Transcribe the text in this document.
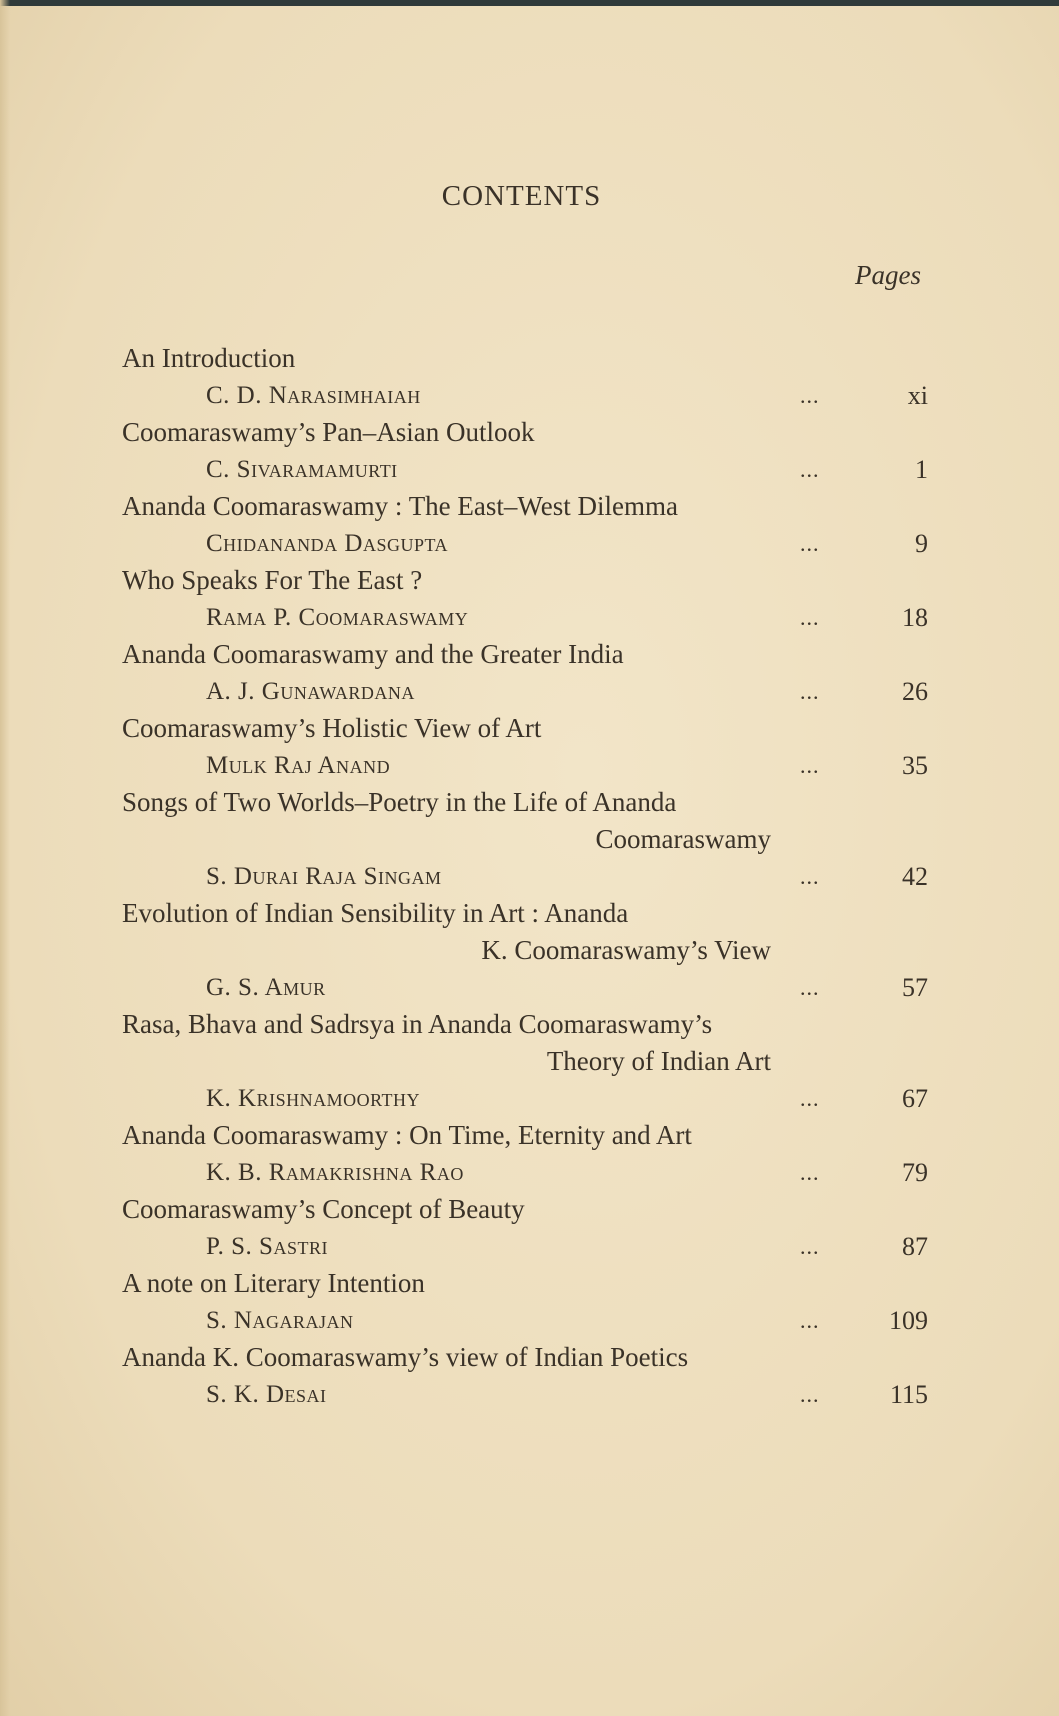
CONTENTS
Pages
An Introduction
C. D. Narasimhaiah	...	xi
Coomaraswamy’s Pan–Asian Outlook
C. Sivaramamurti	...	1
Ananda Coomaraswamy : The East–West Dilemma
Chidananda Dasgupta	...	9
Who Speaks For The East ?
Rama P. Coomaraswamy	...	18
Ananda Coomaraswamy and the Greater India
A. J. Gunawardana	...	26
Coomaraswamy’s Holistic View of Art
Mulk Raj Anand	...	35
Songs of Two Worlds–Poetry in the Life of Ananda
Coomaraswamy
S. Durai Raja Singam	...	42
Evolution of Indian Sensibility in Art : Ananda
K. Coomaraswamy’s View
G. S. Amur	...	57
Rasa, Bhava and Sadrsya in Ananda Coomaraswamy’s
Theory of Indian Art
K. Krishnamoorthy	...	67
Ananda Coomaraswamy : On Time, Eternity and Art
K. B. Ramakrishna Rao	...	79
Coomaraswamy’s Concept of Beauty
P. S. Sastri	...	87
A note on Literary Intention
S. Nagarajan	...	109
Ananda K. Coomaraswamy’s view of Indian Poetics
S. K. Desai	...	115
